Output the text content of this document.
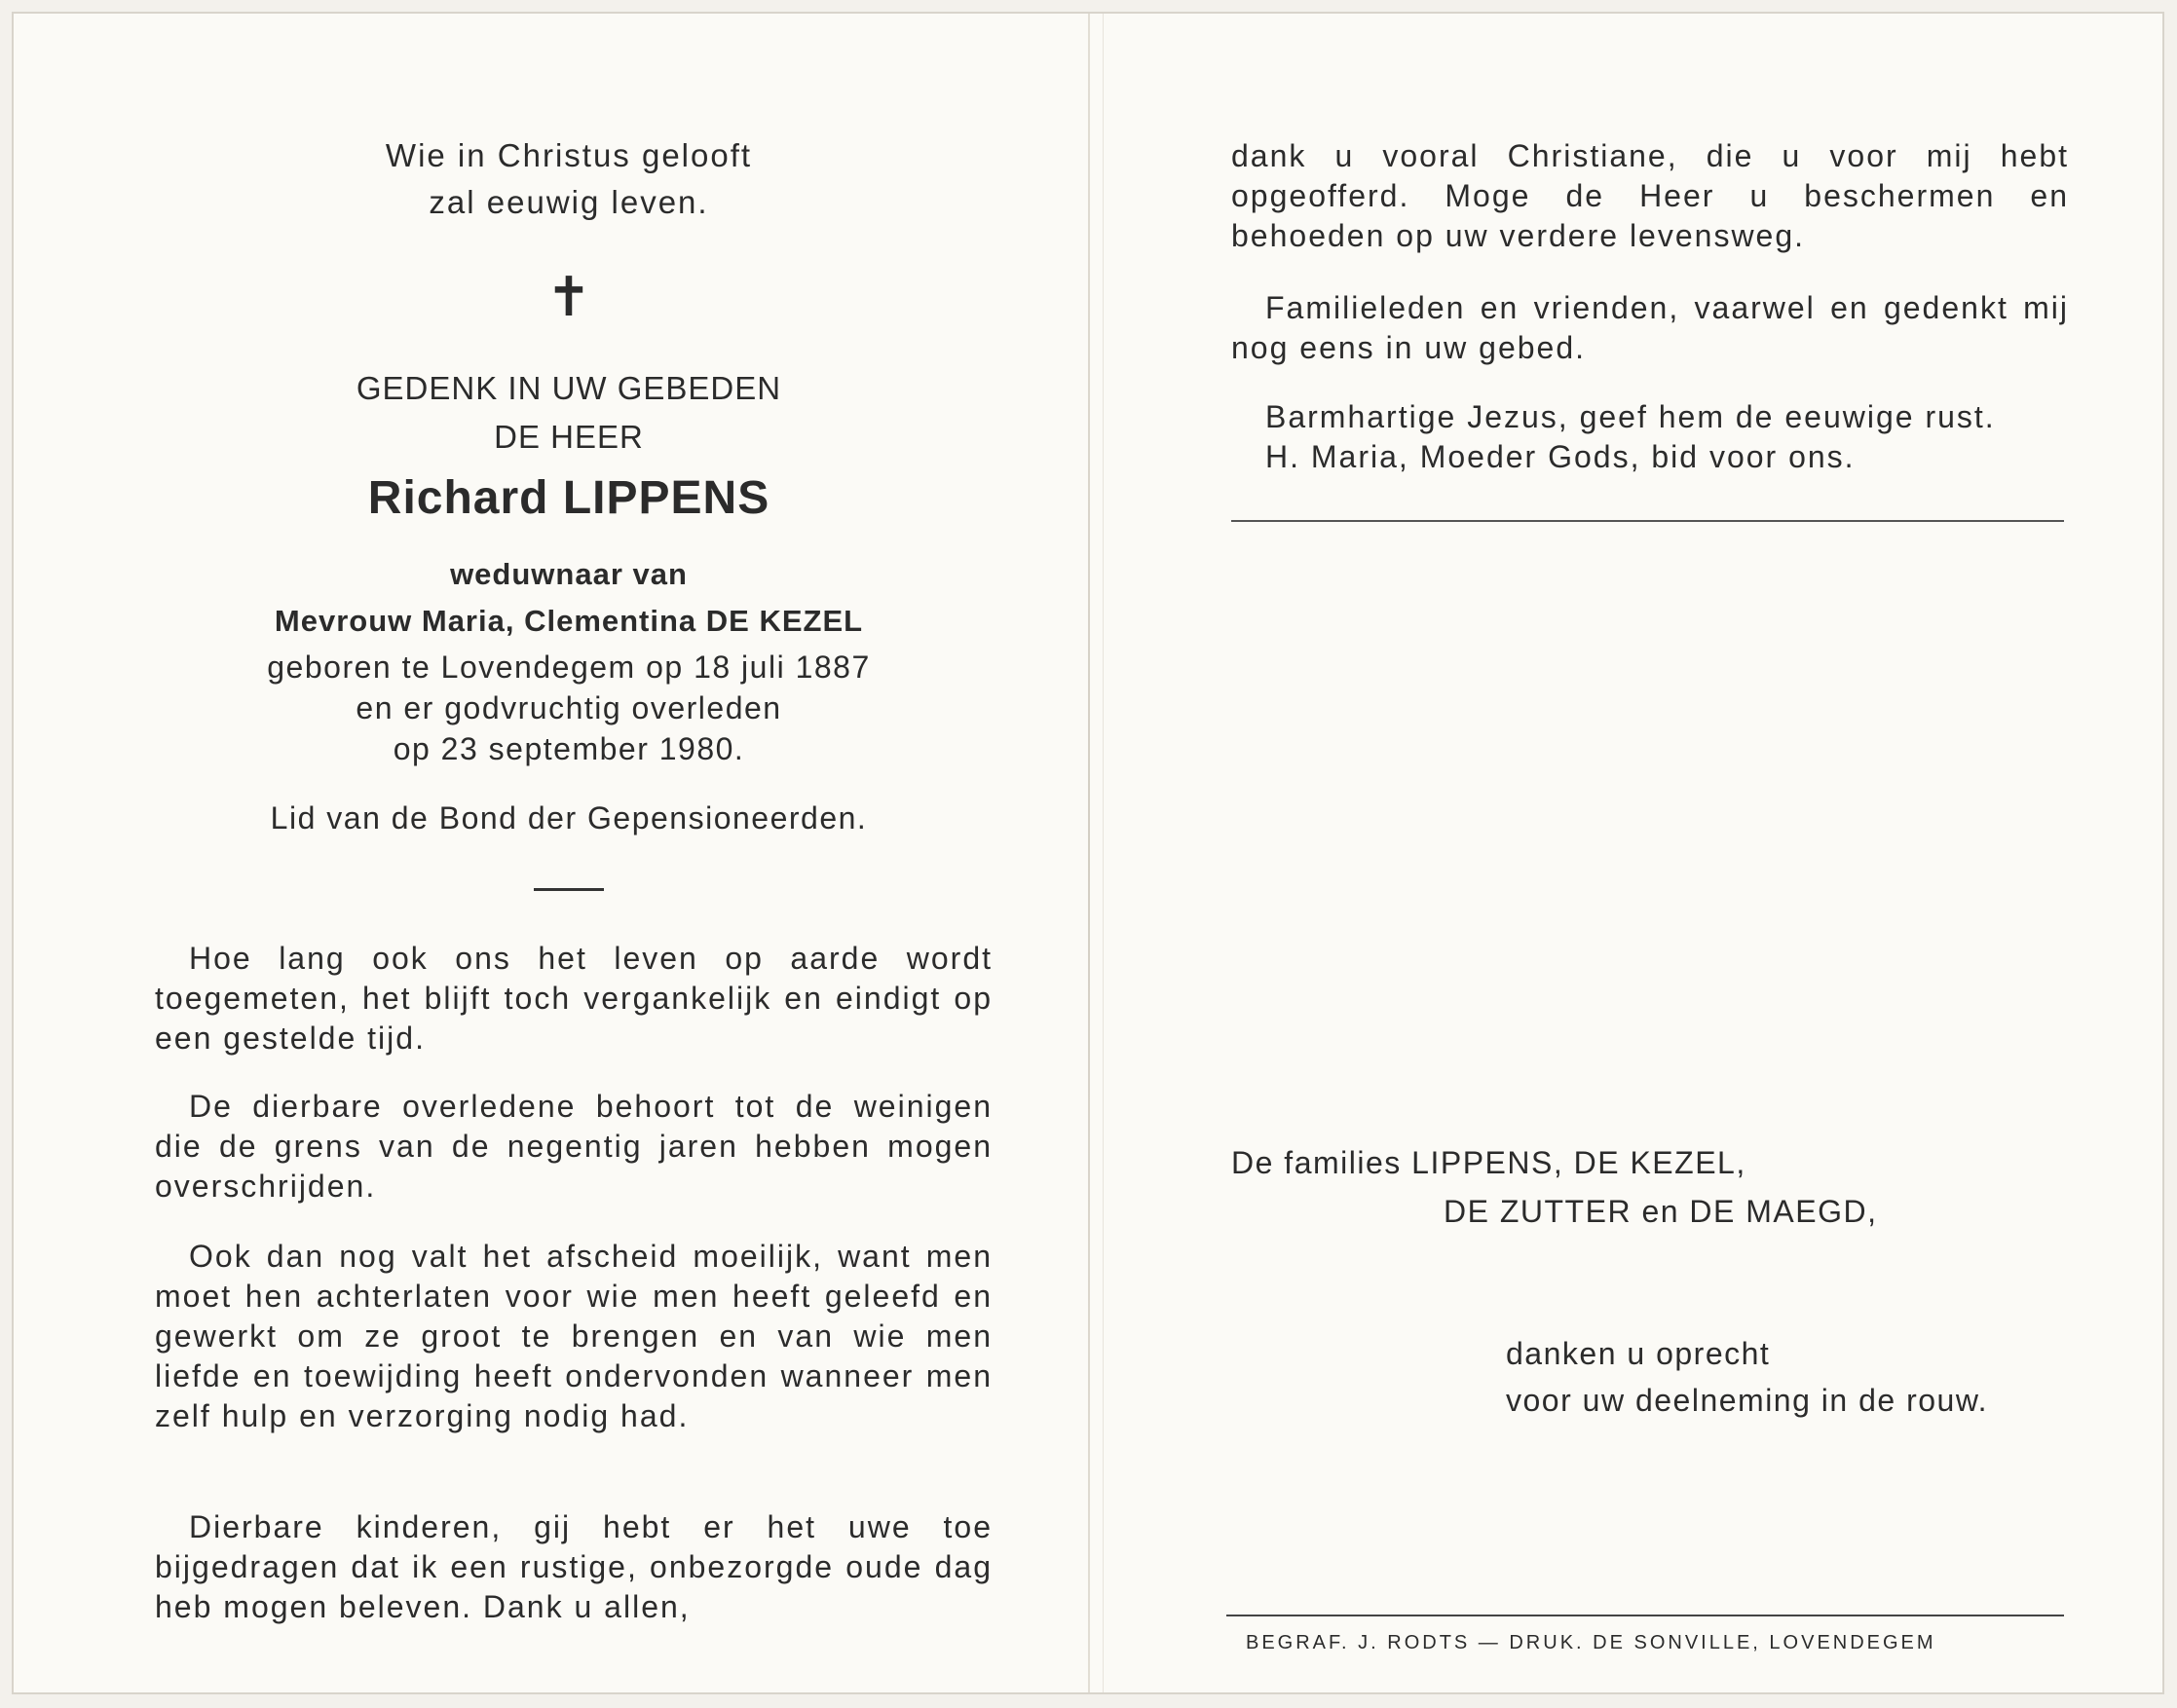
Wie in Christus gelooft
zal eeuwig leven.
✝
GEDENK IN UW GEBEDEN
DE HEER
Richard LIPPENS
weduwnaar van
Mevrouw Maria, Clementina DE KEZEL
geboren te Lovendegem op 18 juli 1887
en er godvruchtig overleden
op 23 september 1980.
Lid van de Bond der Gepensioneerden.

Hoe lang ook ons het leven op aarde wordt toegemeten, het blijft toch vergankelijk en eindigt op een gestelde tijd.

De dierbare overledene behoort tot de weinigen die de grens van de negentig jaren hebben mogen overschrijden.

Ook dan nog valt het afscheid moeilijk, want men moet hen achterlaten voor wie men heeft geleefd en gewerkt om ze groot te brengen en van wie men liefde en toewijding heeft ondervonden wanneer men zelf hulp en verzorging nodig had.

Dierbare kinderen, gij hebt er het uwe toe bijgedragen dat ik een rustige, onbezorgde oude dag heb mogen beleven. Dank u allen,

dank u vooral Christiane, die u voor mij hebt opgeofferd. Moge de Heer u beschermen en behoeden op uw verdere levensweg.

Familieleden en vrienden, vaarwel en gedenkt mij nog eens in uw gebed.

Barmhartige Jezus, geef hem de eeuwige rust.
H. Maria, Moeder Gods, bid voor ons.
De families LIPPENS, DE KEZEL,
DE ZUTTER en DE MAEGD,
danken u oprecht
voor uw deelneming in de rouw.
BEGRAF. J. RODTS — DRUK. DE SONVILLE, LOVENDEGEM
